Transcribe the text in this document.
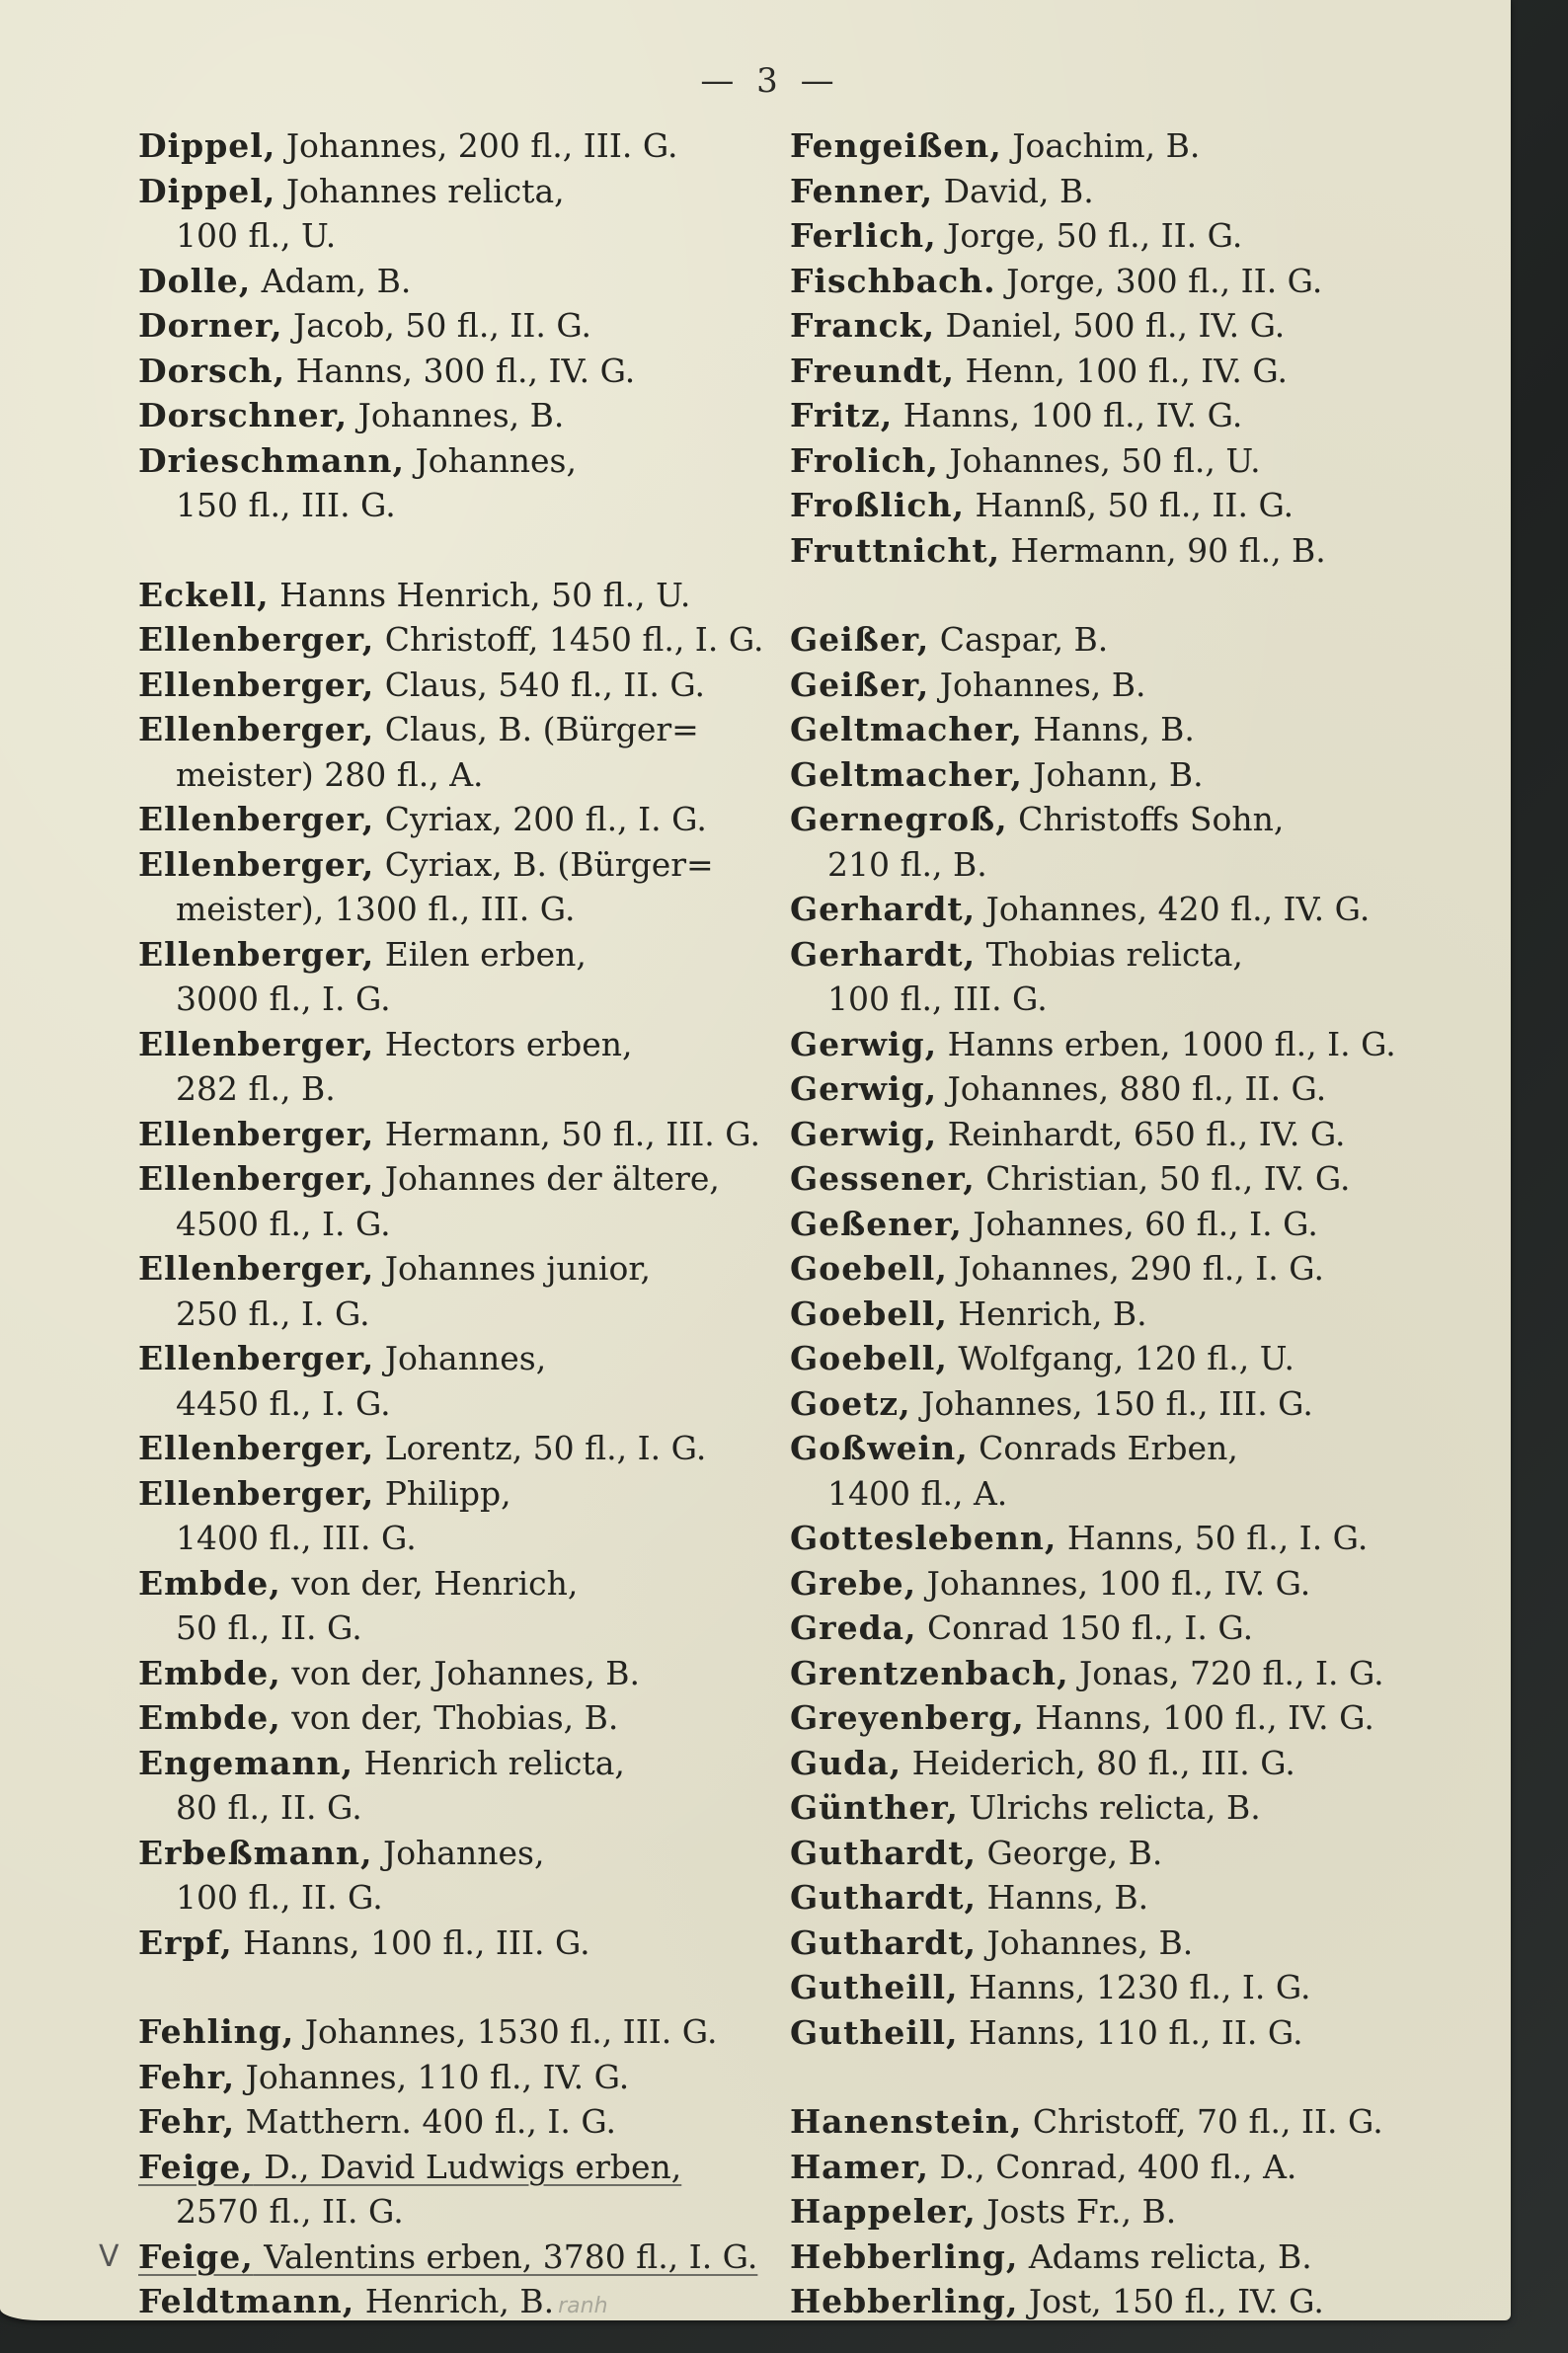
— 3 —
Dippel, Johannes, 200 fl., III. G.
Dippel, Johannes relicta,
100 fl., U.
Dolle, Adam, B.
Dorner, Jacob, 50 fl., II. G.
Dorsch, Hanns, 300 fl., IV. G.
Dorschner, Johannes, B.
Drieschmann, Johannes,
150 fl., III. G.
Eckell, Hanns Henrich, 50 fl., U.
Ellenberger, Christoff, 1450 fl., I. G.
Ellenberger, Claus, 540 fl., II. G.
Ellenberger, Claus, B. (Bürger=
meister) 280 fl., A.
Ellenberger, Cyriax, 200 fl., I. G.
Ellenberger, Cyriax, B. (Bürger=
meister), 1300 fl., III. G.
Ellenberger, Eilen erben,
3000 fl., I. G.
Ellenberger, Hectors erben,
282 fl., B.
Ellenberger, Hermann, 50 fl., III. G.
Ellenberger, Johannes der ältere,
4500 fl., I. G.
Ellenberger, Johannes junior,
250 fl., I. G.
Ellenberger, Johannes,
4450 fl., I. G.
Ellenberger, Lorentz, 50 fl., I. G.
Ellenberger, Philipp,
1400 fl., III. G.
Embde, von der, Henrich,
50 fl., II. G.
Embde, von der, Johannes, B.
Embde, von der, Thobias, B.
Engemann, Henrich relicta,
80 fl., II. G.
Erbeßmann, Johannes,
100 fl., II. G.
Erpf, Hanns, 100 fl., III. G.
Fehling, Johannes, 1530 fl., III. G.
Fehr, Johannes, 110 fl., IV. G.
Fehr, Matthern. 400 fl., I. G.
Feige, D., David Ludwigs erben,
2570 fl., II. G.
V Feige, Valentins erben, 3780 fl., I. G.
Feldtmann, Henrich, B. ranh
Fengeißen, Joachim, B.
Fenner, David, B.
Ferlich, Jorge, 50 fl., II. G.
Fischbach. Jorge, 300 fl., II. G.
Franck, Daniel, 500 fl., IV. G.
Freundt, Henn, 100 fl., IV. G.
Fritz, Hanns, 100 fl., IV. G.
Frolich, Johannes, 50 fl., U.
Froßlich, Hannß, 50 fl., II. G.
Fruttnicht, Hermann, 90 fl., B.
Geißer, Caspar, B.
Geißer, Johannes, B.
Geltmacher, Hanns, B.
Geltmacher, Johann, B.
Gernegroß, Christoffs Sohn,
210 fl., B.
Gerhardt, Johannes, 420 fl., IV. G.
Gerhardt, Thobias relicta,
100 fl., III. G.
Gerwig, Hanns erben, 1000 fl., I. G.
Gerwig, Johannes, 880 fl., II. G.
Gerwig, Reinhardt, 650 fl., IV. G.
Gessener, Christian, 50 fl., IV. G.
Geßener, Johannes, 60 fl., I. G.
Goebell, Johannes, 290 fl., I. G.
Goebell, Henrich, B.
Goebell, Wolfgang, 120 fl., U.
Goetz, Johannes, 150 fl., III. G.
Goßwein, Conrads Erben,
1400 fl., A.
Gotteslebenn, Hanns, 50 fl., I. G.
Grebe, Johannes, 100 fl., IV. G.
Greda, Conrad 150 fl., I. G.
Grentzenbach, Jonas, 720 fl., I. G.
Greyenberg, Hanns, 100 fl., IV. G.
Guda, Heiderich, 80 fl., III. G.
Günther, Ulrichs relicta, B.
Guthardt, George, B.
Guthardt, Hanns, B.
Guthardt, Johannes, B.
Gutheill, Hanns, 1230 fl., I. G.
Gutheill, Hanns, 110 fl., II. G.
Hanenstein, Christoff, 70 fl., II. G.
Hamer, D., Conrad, 400 fl., A.
Happeler, Josts Fr., B.
Hebberling, Adams relicta, B.
Hebberling, Jost, 150 fl., IV. G.
